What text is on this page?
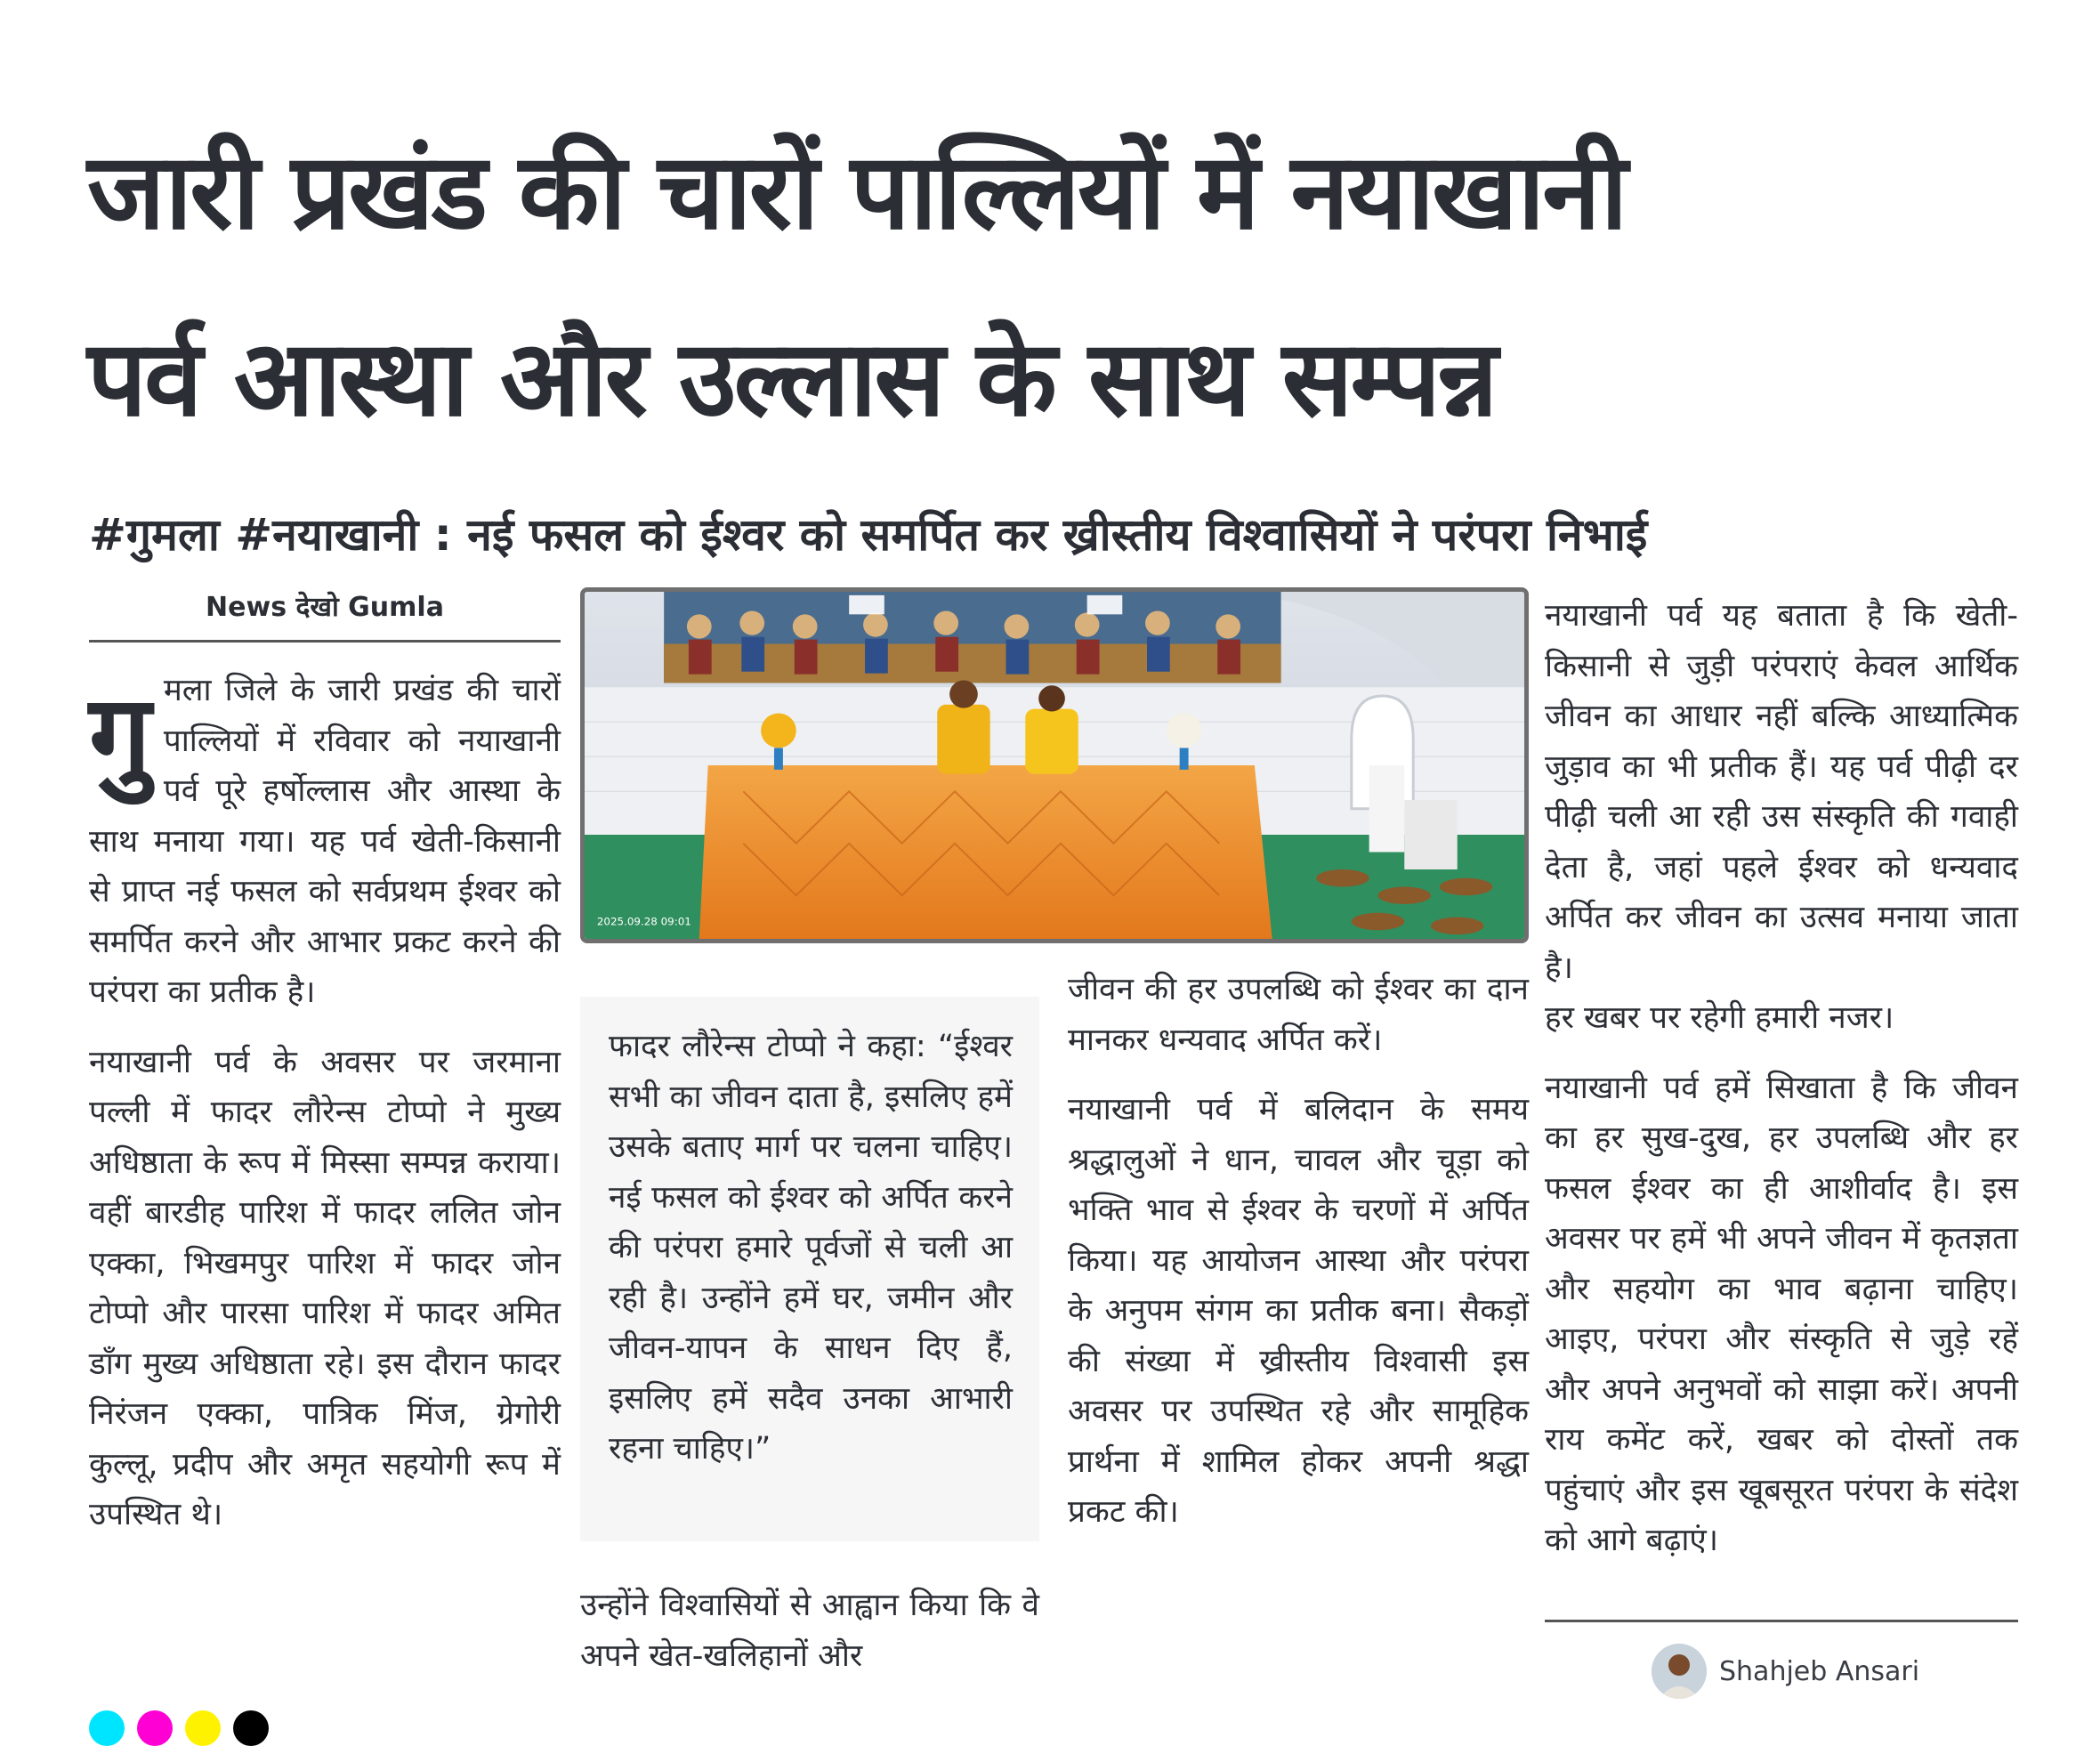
जारी प्रखंड की चारों पाल्लियों में नयाखानी
पर्व आस्था और उल्लास के साथ सम्पन्न
#गुमला #नयाखानी : नई फसल को ईश्वर को समर्पित कर ख्रीस्तीय विश्वासियों ने परंपरा निभाई
News देखो Gumla

गुमला जिले के जारी प्रखंड की चारों पाल्लियों में रविवार को नयाखानी पर्व पूरे हर्षोल्लास और आस्था के साथ मनाया गया। यह पर्व खेती-किसानी से प्राप्त नई फसल को सर्वप्रथम ईश्वर को समर्पित करने और आभार प्रकट करने की परंपरा का प्रतीक है।

नयाखानी पर्व के अवसर पर जरमाना पल्ली में फादर लौरेन्स टोप्पो ने मुख्य अधिष्ठाता के रूप में मिस्सा सम्पन्न कराया। वहीं बारडीह पारिश में फादर ललित जोन एक्का, भिखमपुर पारिश में फादर जोन टोप्पो और पारसा पारिश में फादर अमित डाँग मुख्य अधिष्ठाता रहे। इस दौरान फादर निरंजन एक्का, पात्रिक मिंज, ग्रेगोरी कुल्लू, प्रदीप और अमृत सहयोगी रूप में उपस्थित थे।

2025.09.28 09:01

फादर लौरेन्स टोप्पो ने कहा: “ईश्वर सभी का जीवन दाता है, इसलिए हमें उसके बताए मार्ग पर चलना चाहिए। नई फसल को ईश्वर को अर्पित करने की परंपरा हमारे पूर्वजों से चली आ रही है। उन्होंने हमें घर, जमीन और जीवन-यापन के साधन दिए हैं, इसलिए हमें सदैव उनका आभारी रहना चाहिए।”

उन्होंने विश्वासियों से आह्वान किया कि वे अपने खेत-खलिहानों और

जीवन की हर उपलब्धि को ईश्वर का दान मानकर धन्यवाद अर्पित करें।

नयाखानी पर्व में बलिदान के समय श्रद्धालुओं ने धान, चावल और चूड़ा को भक्ति भाव से ईश्वर के चरणों में अर्पित किया। यह आयोजन आस्था और परंपरा के अनुपम संगम का प्रतीक बना। सैकड़ों की संख्या में ख्रीस्तीय विश्वासी इस अवसर पर उपस्थित रहे और सामूहिक प्रार्थना में शामिल होकर अपनी श्रद्धा प्रकट की।

नयाखानी पर्व यह बताता है कि खेती-किसानी से जुड़ी परंपराएं केवल आर्थिक जीवन का आधार नहीं बल्कि आध्यात्मिक जुड़ाव का भी प्रतीक हैं। यह पर्व पीढ़ी दर पीढ़ी चली आ रही उस संस्कृति की गवाही देता है, जहां पहले ईश्वर को धन्यवाद अर्पित कर जीवन का उत्सव मनाया जाता है।
हर खबर पर रहेगी हमारी नजर।

नयाखानी पर्व हमें सिखाता है कि जीवन का हर सुख-दुख, हर उपलब्धि और हर फसल ईश्वर का ही आशीर्वाद है। इस अवसर पर हमें भी अपने जीवन में कृतज्ञता और सहयोग का भाव बढ़ाना चाहिए। आइए, परंपरा और संस्कृति से जुड़े रहें और अपने अनुभवों को साझा करें। अपनी राय कमेंट करें, खबर को दोस्तों तक पहुंचाएं और इस खूबसूरत परंपरा के संदेश को आगे बढ़ाएं।

Shahjeb Ansari
